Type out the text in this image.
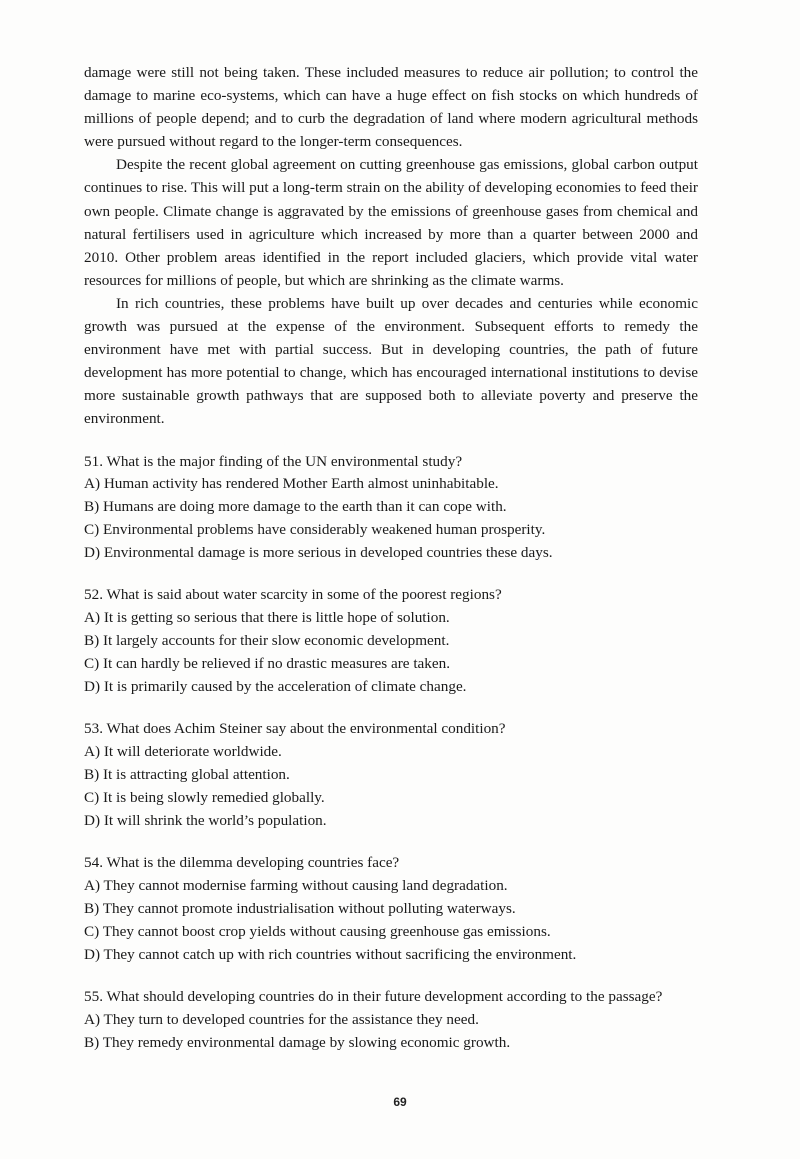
damage were still not being taken. These included measures to reduce air pollution; to control the damage to marine eco-systems, which can have a huge effect on fish stocks on which hundreds of millions of people depend; and to curb the degradation of land where modern agricultural methods were pursued without regard to the longer-term consequences.

Despite the recent global agreement on cutting greenhouse gas emissions, global carbon output continues to rise. This will put a long-term strain on the ability of developing economies to feed their own people. Climate change is aggravated by the emissions of greenhouse gases from chemical and natural fertilisers used in agriculture which increased by more than a quarter between 2000 and 2010. Other problem areas identified in the report included glaciers, which provide vital water resources for millions of people, but which are shrinking as the climate warms.

In rich countries, these problems have built up over decades and centuries while economic growth was pursued at the expense of the environment. Subsequent efforts to remedy the environment have met with partial success. But in developing countries, the path of future development has more potential to change, which has encouraged international institutions to devise more sustainable growth pathways that are supposed both to alleviate poverty and preserve the environment.

51. What is the major finding of the UN environmental study?

A) Human activity has rendered Mother Earth almost uninhabitable.

B) Humans are doing more damage to the earth than it can cope with.

C) Environmental problems have considerably weakened human prosperity.

D) Environmental damage is more serious in developed countries these days.

52. What is said about water scarcity in some of the poorest regions?

A) It is getting so serious that there is little hope of solution.

B) It largely accounts for their slow economic development.

C) It can hardly be relieved if no drastic measures are taken.

D) It is primarily caused by the acceleration of climate change.

53. What does Achim Steiner say about the environmental condition?

A) It will deteriorate worldwide.

B) It is attracting global attention.

C) It is being slowly remedied globally.

D) It will shrink the world’s population.

54. What is the dilemma developing countries face?

A) They cannot modernise farming without causing land degradation.

B) They cannot promote industrialisation without polluting waterways.

C) They cannot boost crop yields without causing greenhouse gas emissions.

D) They cannot catch up with rich countries without sacrificing the environment.

55. What should developing countries do in their future development according to the passage?

A) They turn to developed countries for the assistance they need.

B) They remedy environmental damage by slowing economic growth.

69
